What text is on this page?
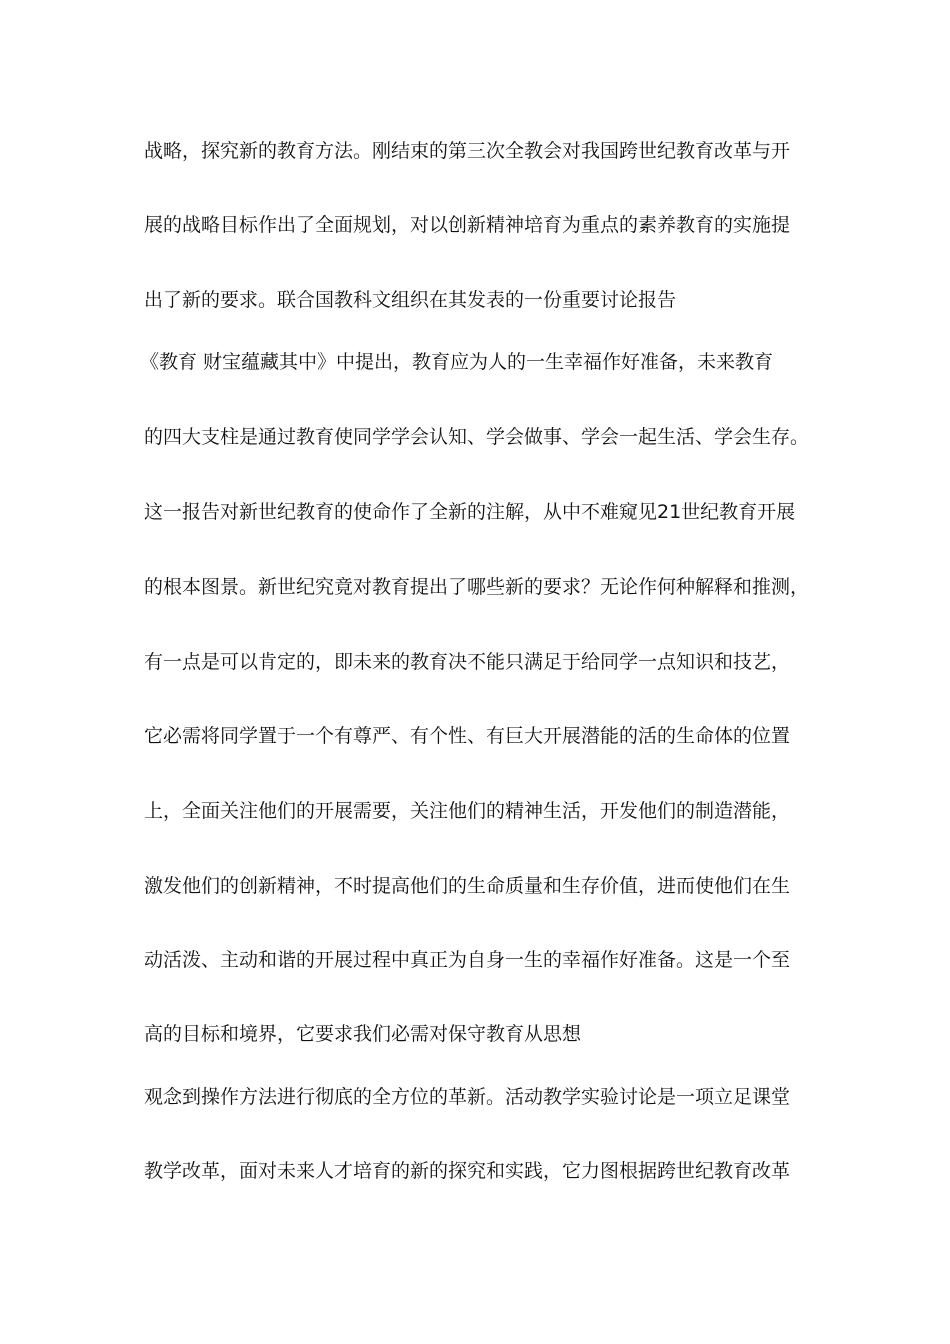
战略，探究新的教育方法。刚结束的第三次全教会对我国跨世纪教育改革与开
展的战略目标作出了全面规划，对以创新精神培育为重点的素养教育的实施提
出了新的要求。联合国教科文组织在其发表的一份重要讨论报告
《教育 财宝蕴藏其中》中提出，教育应为人的一生幸福作好准备，未来教育
的四大支柱是通过教育使同学学会认知、学会做事、学会一起生活、学会生存。
这一报告对新世纪教育的使命作了全新的注解，从中不难窥见21世纪教育开展
的根本图景。新世纪究竟对教育提出了哪些新的要求？无论作何种解释和推测，
有一点是可以肯定的，即未来的教育决不能只满足于给同学一点知识和技艺，
它必需将同学置于一个有尊严、有个性、有巨大开展潜能的活的生命体的位置
上，全面关注他们的开展需要，关注他们的精神生活，开发他们的制造潜能，
激发他们的创新精神，不时提高他们的生命质量和生存价值，进而使他们在生
动活泼、主动和谐的开展过程中真正为自身一生的幸福作好准备。这是一个至
高的目标和境界，它要求我们必需对保守教育从思想
观念到操作方法进行彻底的全方位的革新。活动教学实验讨论是一项立足课堂
教学改革，面对未来人才培育的新的探究和实践，它力图根据跨世纪教育改革
